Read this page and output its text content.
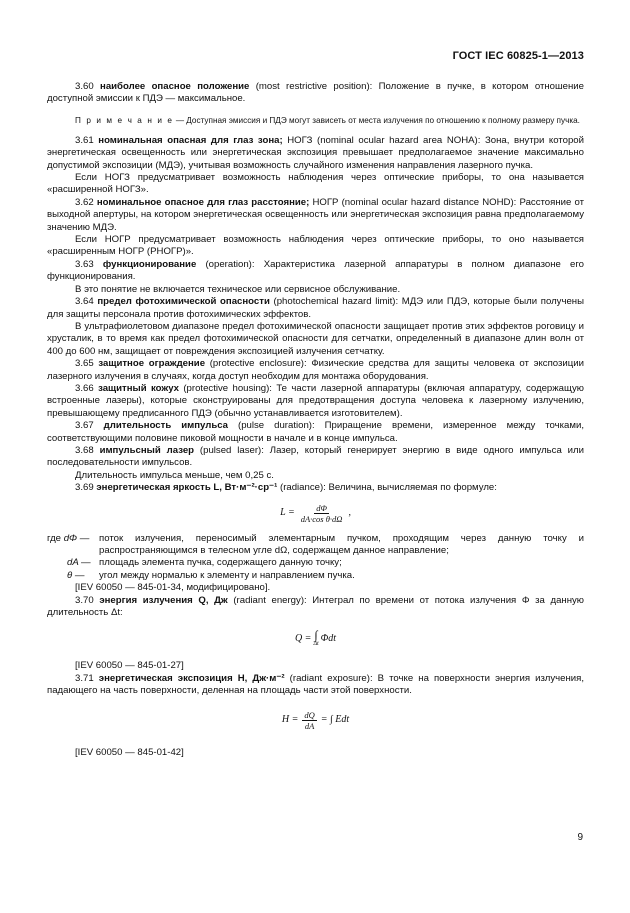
ГОСТ IEC 60825-1—2013

3.60 наиболее опасное положение (most restrictive position): Положение в пучке, в котором отношение доступной эмиссии к ПДЭ — максимальное.

П р и м е ч а н и е — Доступная эмиссия и ПДЭ могут зависеть от места излучения по отношению к полному размеру пучка.

3.61 номинальная опасная для глаз зона; НОГЗ (nominal ocular hazard area NOHA): Зона, внутри которой энергетическая освещенность или энергетическая экспозиция превышает предполагаемое значение максимально допустимой экспозиции (МДЭ), учитывая возможность случайного изменения направления лазерного пучка.

Если НОГЗ предусматривает возможность наблюдения через оптические приборы, то она называется «расширенной НОГЗ».

3.62 номинальное опасное для глаз расстояние; НОГР (nominal ocular hazard distance NOHD): Расстояние от выходной апертуры, на котором энергетическая освещенность или энергетическая экспозиция равна предполагаемому значению МДЭ.

Если НОГР предусматривает возможность наблюдения через оптические приборы, то оно называется «расширенным НОГР (РНОГР)».

3.63 функционирование (operation): Характеристика лазерной аппаратуры в полном диапазоне его функционирования.

В это понятие не включается техническое или сервисное обслуживание.

3.64 предел фотохимической опасности (photochemical hazard limit): МДЭ или ПДЭ, которые были получены для защиты персонала против фотохимических эффектов.

В ультрафиолетовом диапазоне предел фотохимической опасности защищает против этих эффектов роговицу и хрусталик, в то время как предел фотохимической опасности для сетчатки, определенный в диапазоне длин волн от 400 до 600 нм, защищает от повреждения экспозицией излучения сетчатку.

3.65 защитное ограждение (protective enclosure): Физические средства для защиты человека от экспозиции лазерного излучения в случаях, когда доступ необходим для монтажа оборудования.

3.66 защитный кожух (protective housing): Те части лазерной аппаратуры (включая аппаратуру, содержащую встроенные лазеры), которые сконструированы для предотвращения доступа человека к лазерному излучению, превышающему предписанного ПДЭ (обычно устанавливается изготовителем).

3.67 длительность импульса (pulse duration): Приращение времени, измеренное между точками, соответствующими половине пиковой мощности в начале и в конце импульса.

3.68 импульсный лазер (pulsed laser): Лазер, который генерирует энергию в виде одного импульса или последовательности импульсов.

Длительность импульса меньше, чем 0,25 с.

3.69 энергетическая яркость L, Вт·м⁻²·ср⁻¹ (radiance): Величина, вычисляемая по формуле:

$L = \frac{d\Phi}{\text{dA·cos θ·dΩ}}$ ,
где dΦ —	поток излучения, переносимый элементарным пучком, проходящим через данную точку и распространяющимся в телесном угле dΩ, содержащем данное направление;
dA — площадь элемента пучка, содержащего данную точку;
θ —	угол между нормалью к элементу и направлением пучка.

[IEV 60050 — 845-01-34, модифицировано].

3.70 энергия излучения Q, Дж (radiant energy): Интеграл по времени от потока излучения Φ за данную длительность Δt:

Q = ∫
Δt
Φdt

[IEV 60050 — 845-01-27]

3.71 энергетическая экспозиция H, Дж·м⁻² (radiant exposure): В точке на поверхности энергия излучения, падающего на часть поверхности, деленная на площадь части этой поверхности.

$H = \frac{dQ}{dA}$ = ∫ Edt

[IEV 60050 — 845-01-42]

9
